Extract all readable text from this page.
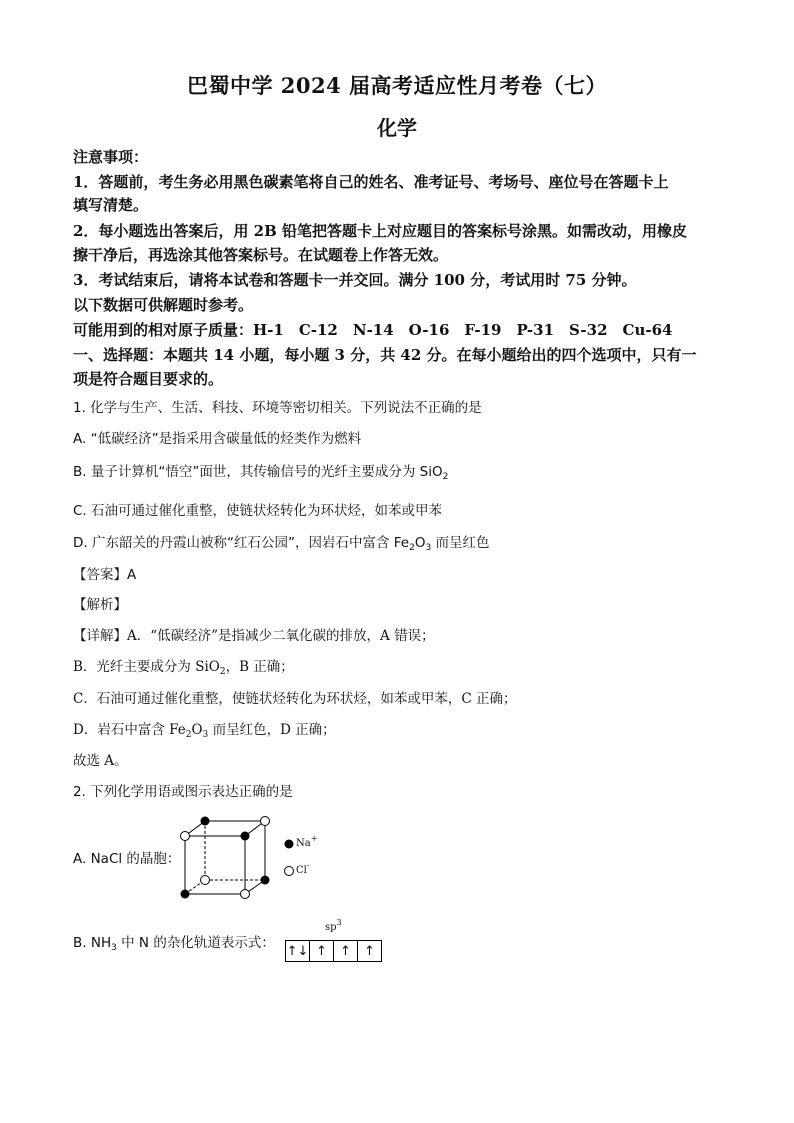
巴蜀中学 2024 届高考适应性月考卷（七）
化学
注意事项：
1．答题前，考生务必用黑色碳素笔将自己的姓名、准考证号、考场号、座位号在答题卡上
填写清楚。
2．每小题选出答案后，用 2B 铅笔把答题卡上对应题目的答案标号涂黑。如需改动，用橡皮
擦干净后，再选涂其他答案标号。在试题卷上作答无效。
3．考试结束后，请将本试卷和答题卡一并交回。满分 100 分，考试用时 75 分钟。
以下数据可供解题时参考。
可能用到的相对原子质量：H-1　C-12　N-14　O-16　F-19　P-31　S-32　Cu-64
一、选择题：本题共 14 小题，每小题 3 分，共 42 分。在每小题给出的四个选项中，只有一
项是符合题目要求的。
1. 化学与生产、生活、科技、环境等密切相关。下列说法不正确的是
A. “低碳经济”是指采用含碳量低的烃类作为燃料
B. 量子计算机“悟空”面世，其传输信号的光纤主要成分为 SiO$_2$
C. 石油可通过催化重整，使链状烃转化为环状烃，如苯或甲苯
D. 广东韶关的丹霞山被称“红石公园”，因岩石中富含 $Fe_2O_3$ 而呈红色
【答案】A
【解析】
【详解】A．“低碳经济”是指减少二氧化碳的排放，A 错误；
B．光纤主要成分为 SiO$_2$，B 正确；
C．石油可通过催化重整，使链状烃转化为环状烃，如苯或甲苯，C 正确；
D．岩石中富含 $Fe_2O_3$ 而呈红色，D 正确；
故选 A。
2. 下列化学用语或图示表达正确的是
A. NaCl 的晶胞：
Na+
Cl-
B. $NH_3$ 中 N 的杂化轨道表示式：
$sp^3$
↑↓ ↑	↑	↑
